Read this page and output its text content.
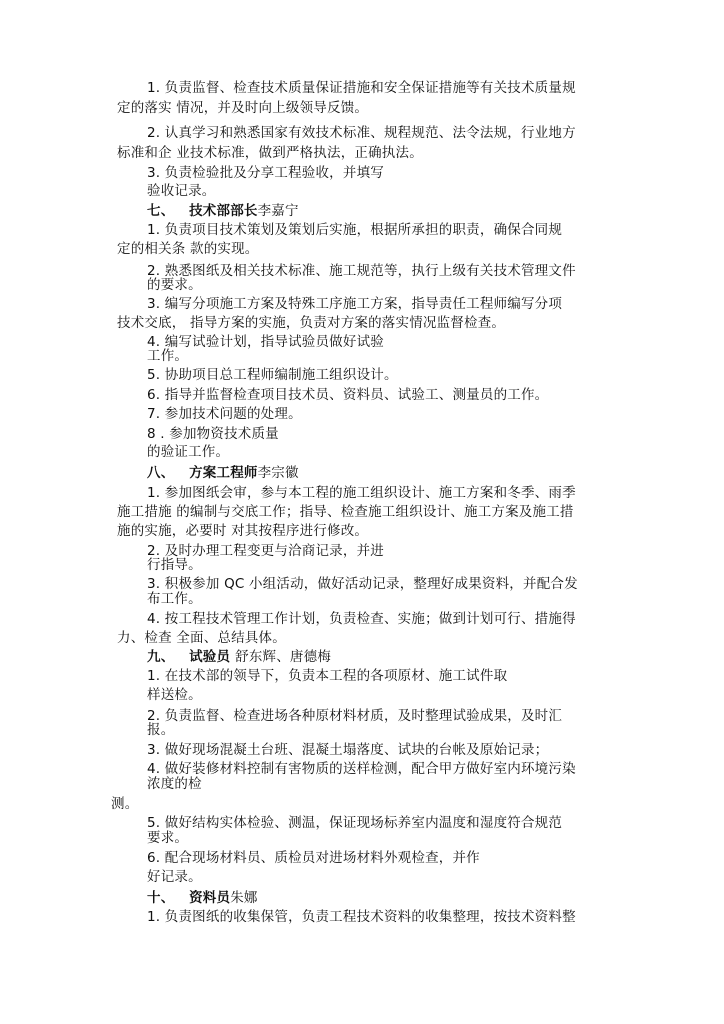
1. 负责监督、检查技术质量保证措施和安全保证措施等有关技术质量规
定的落实 情况，并及时向上级领导反馈。
2. 认真学习和熟悉国家有效技术标准、规程规范、法令法规，行业地方
标准和企 业技术标准，做到严格执法，正确执法。
3. 负责检验批及分享工程验收，并填写
验收记录。
七、 技术部部长李嘉宁
1. 负责项目技术策划及策划后实施，根据所承担的职责，确保合同规
定的相关条 款的实现。
2. 熟悉图纸及相关技术标准、施工规范等，执行上级有关技术管理文件
的要求。
3. 编写分项施工方案及特殊工序施工方案，指导责任工程师编写分项
技术交底， 指导方案的实施，负责对方案的落实情况监督检查。
4. 编写试验计划，指导试验员做好试验
工作。
5. 协助项目总工程师编制施工组织设计。
6. 指导并监督检查项目技术员、资料员、试验工、测量员的工作。
7. 参加技术问题的处理。
8 . 参加物资技术质量
的验证工作。
八、 方案工程师李宗徽
1. 参加图纸会审，参与本工程的施工组织设计、施工方案和冬季、雨季
施工措施 的编制与交底工作；指导、检查施工组织设计、施工方案及施工措
施的实施，必要时 对其按程序进行修改。
2. 及时办理工程变更与洽商记录，并进
行指导。
3. 积极参加 QC 小组活动，做好活动记录，整理好成果资料，并配合发
布工作。
4. 按工程技术管理工作计划，负责检查、实施；做到计划可行、措施得
力、检查 全面、总结具体。
九、 试验员 舒东辉、唐德梅
1. 在技术部的领导下，负责本工程的各项原材、施工试件取
样送检。
2. 负责监督、检查进场各种原材料材质，及时整理试验成果，及时汇
报。
3. 做好现场混凝土台班、混凝土塌落度、试块的台帐及原始记录；
4. 做好装修材料控制有害物质的送样检测，配合甲方做好室内环境污染
浓度的检
测。
5. 做好结构实体检验、测温，保证现场标养室内温度和湿度符合规范
要求。
6. 配合现场材料员、质检员对进场材料外观检查，并作
好记录。
十、 资料员朱娜
1. 负责图纸的收集保管，负责工程技术资料的收集整理，按技术资料整
